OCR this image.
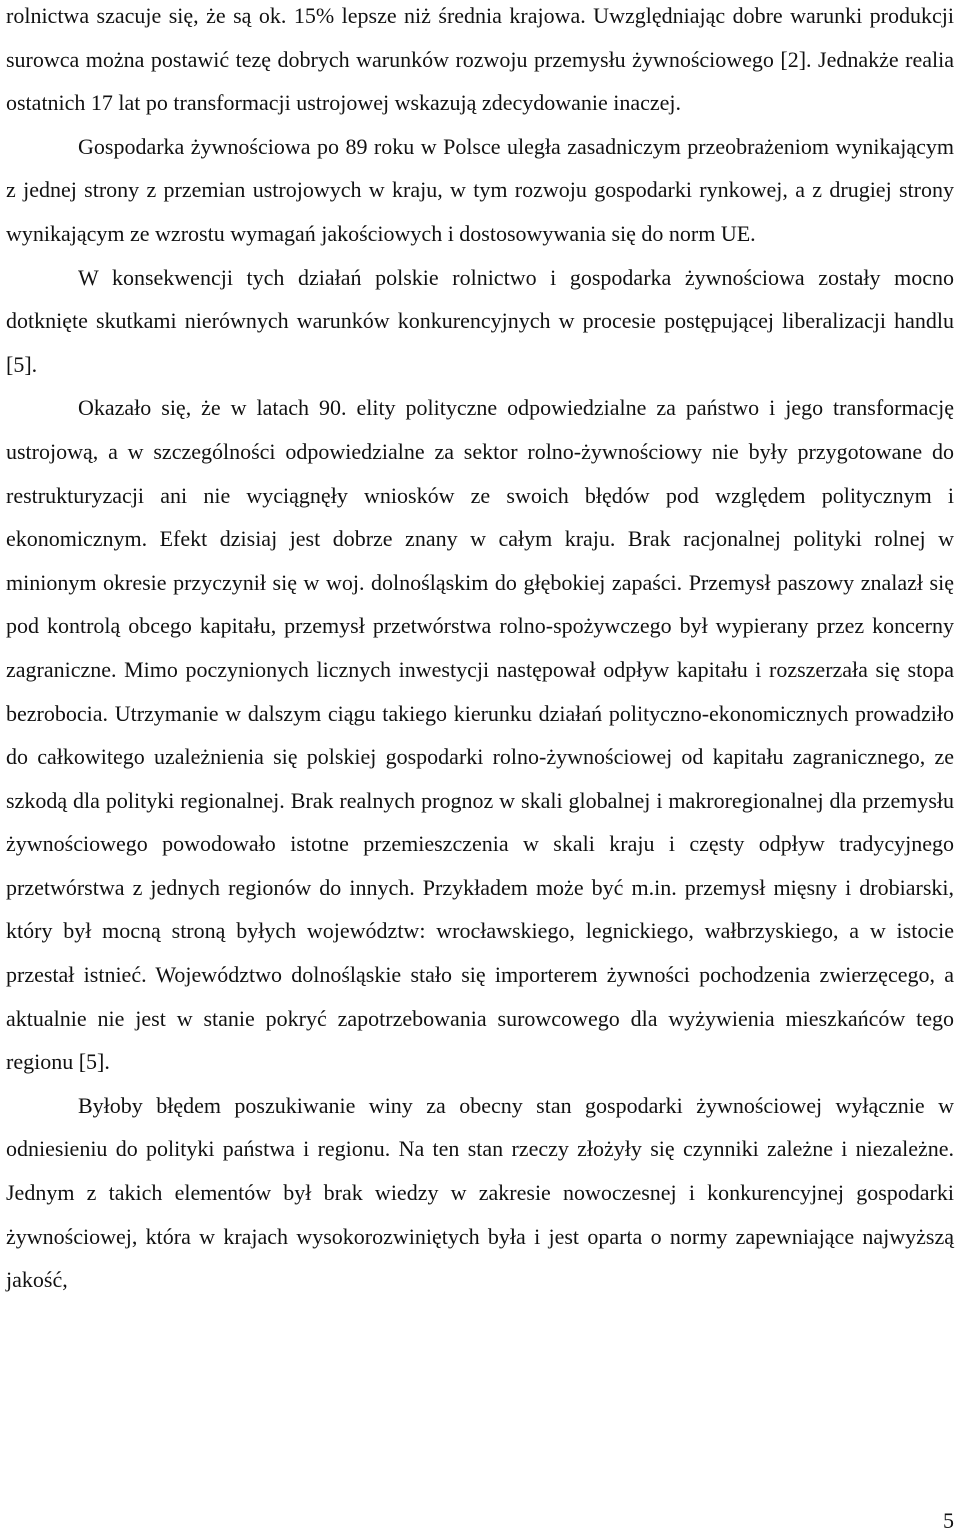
rolnictwa szacuje się, że są ok. 15% lepsze niż średnia krajowa. Uwzględniając dobre warunki produkcji surowca można postawić tezę dobrych warunków rozwoju przemysłu żywnościowego [2]. Jednakże realia ostatnich 17 lat po transformacji ustrojowej wskazują zdecydowanie inaczej.

Gospodarka żywnościowa po 89 roku w Polsce uległa zasadniczym przeobrażeniom wynikającym z jednej strony z przemian ustrojowych w kraju, w tym rozwoju gospodarki rynkowej, a z drugiej strony wynikającym ze wzrostu wymagań jakościowych i dostosowywania się do norm UE.

W konsekwencji tych działań polskie rolnictwo i gospodarka żywnościowa zostały mocno dotknięte skutkami nierównych warunków konkurencyjnych w procesie postępującej liberalizacji handlu [5].

Okazało się, że w latach 90. elity polityczne odpowiedzialne za państwo i jego transformację ustrojową, a w szczególności odpowiedzialne za sektor rolno-żywnościowy nie były przygotowane do restrukturyzacji ani nie wyciągnęły wniosków ze swoich błędów pod względem politycznym i ekonomicznym. Efekt dzisiaj jest dobrze znany w całym kraju. Brak racjonalnej polityki rolnej w minionym okresie przyczynił się w woj. dolnośląskim do głębokiej zapaści. Przemysł paszowy znalazł się pod kontrolą obcego kapitału, przemysł przetwórstwa rolno-spożywczego był wypierany przez koncerny zagraniczne. Mimo poczynionych licznych inwestycji następował odpływ kapitału i rozszerzała się stopa bezrobocia. Utrzymanie w dalszym ciągu takiego kierunku działań polityczno-ekonomicznych prowadziło do całkowitego uzależnienia się polskiej gospodarki rolno-żywnościowej od kapitału zagranicznego, ze szkodą dla polityki regionalnej. Brak realnych prognoz w skali globalnej i makroregionalnej dla przemysłu żywnościowego powodowało istotne przemieszczenia w skali kraju i częsty odpływ tradycyjnego przetwórstwa z jednych regionów do innych. Przykładem może być m.in. przemysł mięsny i drobiarski, który był mocną stroną byłych województw: wrocławskiego, legnickiego, wałbrzyskiego, a w istocie przestał istnieć. Województwo dolnośląskie stało się importerem żywności pochodzenia zwierzęcego, a aktualnie nie jest w stanie pokryć zapotrzebowania surowcowego dla wyżywienia mieszkańców tego regionu [5].

Byłoby błędem poszukiwanie winy za obecny stan gospodarki żywnościowej wyłącznie w odniesieniu do polityki państwa i regionu. Na ten stan rzeczy złożyły się czynniki zależne i niezależne. Jednym z takich elementów był brak wiedzy w zakresie nowoczesnej i konkurencyjnej gospodarki żywnościowej, która w krajach wysokorozwiniętych była i jest oparta o normy zapewniające najwyższą jakość,

5
